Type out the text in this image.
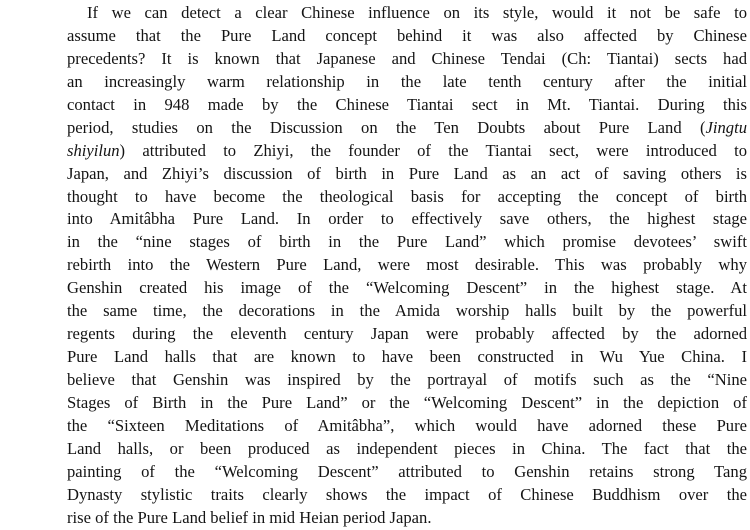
If we can detect a clear Chinese influence on its style, would it not be safe to
assume that the Pure Land concept behind it was also affected by Chinese
precedents? It is known that Japanese and Chinese Tendai (Ch: Tiantai) sects had
an increasingly warm relationship in the late tenth century after the initial
contact in 948 made by the Chinese Tiantai sect in Mt. Tiantai. During this
period, studies on the Discussion on the Ten Doubts about Pure Land (Jingtu
shiyilun) attributed to Zhiyi, the founder of the Tiantai sect, were introduced to
Japan, and Zhiyi’s discussion of birth in Pure Land as an act of saving others is
thought to have become the theological basis for accepting the concept of birth
into Amitâbha Pure Land. In order to effectively save others, the highest stage
in the “nine stages of birth in the Pure Land” which promise devotees’ swift
rebirth into the Western Pure Land, were most desirable. This was probably why
Genshin created his image of the “Welcoming Descent” in the highest stage. At
the same time, the decorations in the Amida worship halls built by the powerful
regents during the eleventh century Japan were probably affected by the adorned
Pure Land halls that are known to have been constructed in Wu Yue China. I
believe that Genshin was inspired by the portrayal of motifs such as the “Nine
Stages of Birth in the Pure Land” or the “Welcoming Descent” in the depiction of
the “Sixteen Meditations of Amitâbha”, which would have adorned these Pure
Land halls, or been produced as independent pieces in China. The fact that the
painting of the “Welcoming Descent” attributed to Genshin retains strong Tang
Dynasty stylistic traits clearly shows the impact of Chinese Buddhism over the
rise of the Pure Land belief in mid Heian period Japan.
